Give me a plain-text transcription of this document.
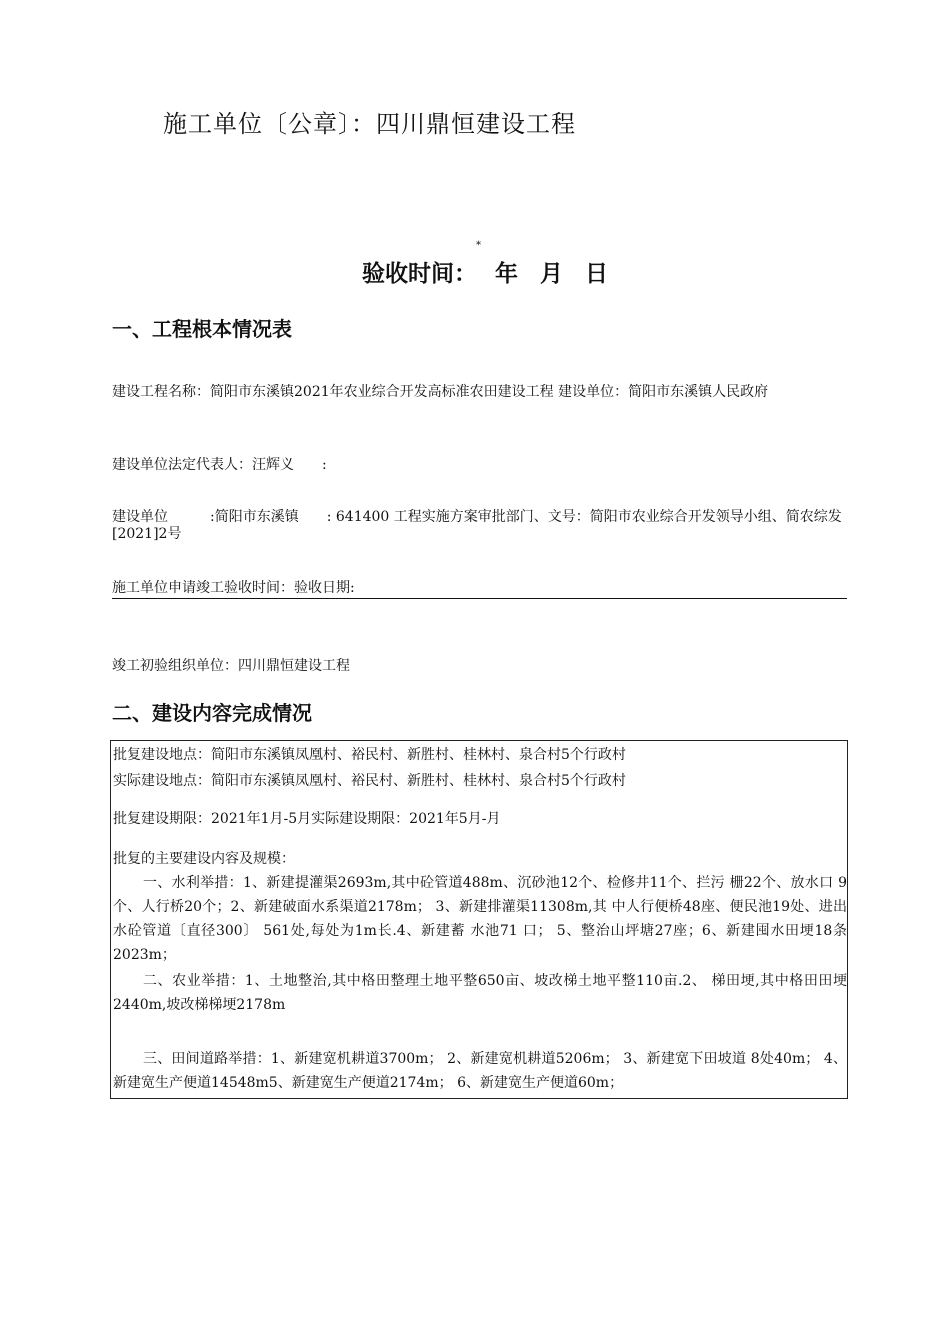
施工单位〔公章〕：四川鼎恒建设工程
*
验收时间： 年 月 日
一、工程根本情况表
建设工程名称：简阳市东溪镇2021年农业综合开发高标准农田建设工程 建设单位：简阳市东溪镇人民政府
建设单位法定代表人：汪辉义　　:
建设单位　　　:简阳市东溪镇　　: 641400 工程实施方案审批部门、文号：简阳市农业综合开发领导小组、简农综发[2021]2号
施工单位申请竣工验收时间：验收日期:
竣工初验组织单位：四川鼎恒建设工程
二、建设内容完成情况
批复建设地点：简阳市东溪镇凤凰村、裕民村、新胜村、桂林村、泉合村5个行政村
实际建设地点：简阳市东溪镇凤凰村、裕民村、新胜村、桂林村、泉合村5个行政村
批复建设期限：2021年1月-5月实际建设期限：2021年5月-月
批复的主要建设内容及规模：
一、水利举措：1、新建提灌渠2693m,其中砼管道488m、沉砂池12个、检修井11个、拦污 栅22个、放水口 9个、人行桥20个；2、新建破面水系渠道2178m； 3、新建排灌渠11308m,其 中人行便桥48座、便民池19处、进出水砼管道〔直径300〕 561处,每处为1m长.4、新建蓄 水池71 口； 5、整治山坪塘27座；6、新建囤水田埂18条2023m；
二、农业举措：1、土地整治,其中格田整理土地平整650亩、坡改梯土地平整110亩.2、 梯田埂,其中格田田埂2440m,坡改梯梯埂2178m
三、田间道路举措：1、新建宽机耕道3700m； 2、新建宽机耕道5206m； 3、新建宽下田坡道 8处40m； 4、新建宽生产便道14548m5、新建宽生产便道2174m； 6、新建宽生产便道60m；
